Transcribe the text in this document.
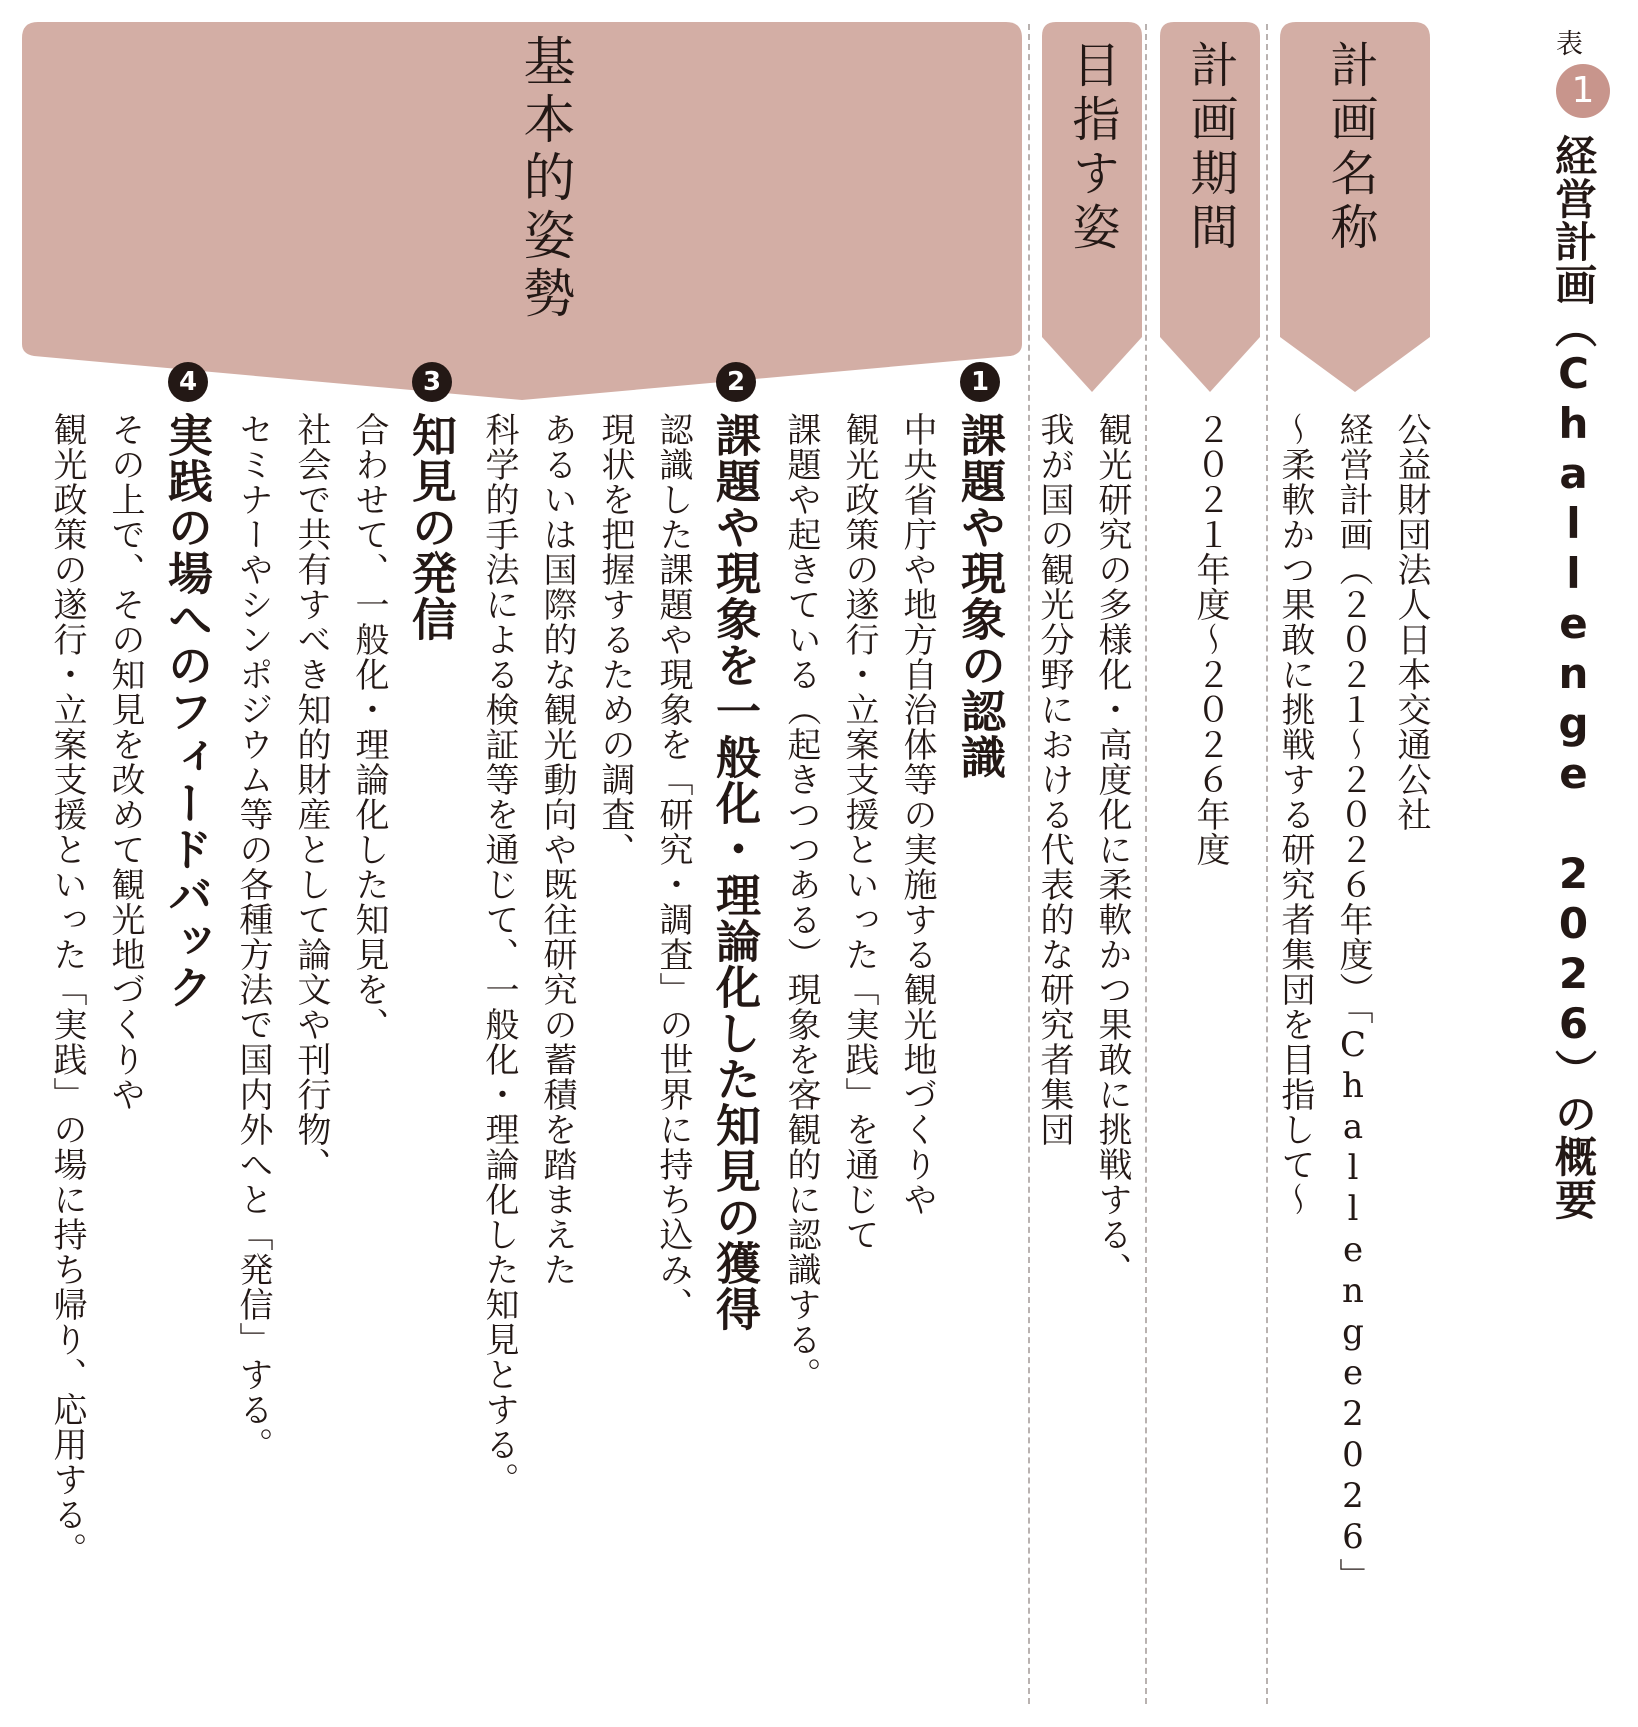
表
1
経営計画（Challenge 2026）の概要
計画名称
公益財団法人日本交通公社
経営計画（２０２１～２０２６年度）「Challenge2026」
～柔軟かつ果敢に挑戦する研究者集団を目指して～
計画期間
２０２１年度～２０２６年度
目指す姿
観光研究の多様化・高度化に柔軟かつ果敢に挑戦する、
我が国の観光分野における代表的な研究者集団
基本的姿勢
1
課題や現象の認識
中央省庁や地方自治体等の実施する観光地づくりや
観光政策の遂行・立案支援といった「実践」を通じて
課題や起きている（起きつつある）現象を客観的に認識する。
2
課題や現象を一般化・理論化した知見の獲得
認識した課題や現象を「研究・調査」の世界に持ち込み、
現状を把握するための調査、
あるいは国際的な観光動向や既往研究の蓄積を踏まえた
科学的手法による検証等を通じて、一般化・理論化した知見とする。
3
知見の発信
合わせて、一般化・理論化した知見を、
社会で共有すべき知的財産として論文や刊行物、
セミナーやシンポジウム等の各種方法で国内外へと「発信」する。
4
実践の場へのフィードバック
その上で、その知見を改めて観光地づくりや
観光政策の遂行・立案支援といった「実践」の場に持ち帰り、応用する。
